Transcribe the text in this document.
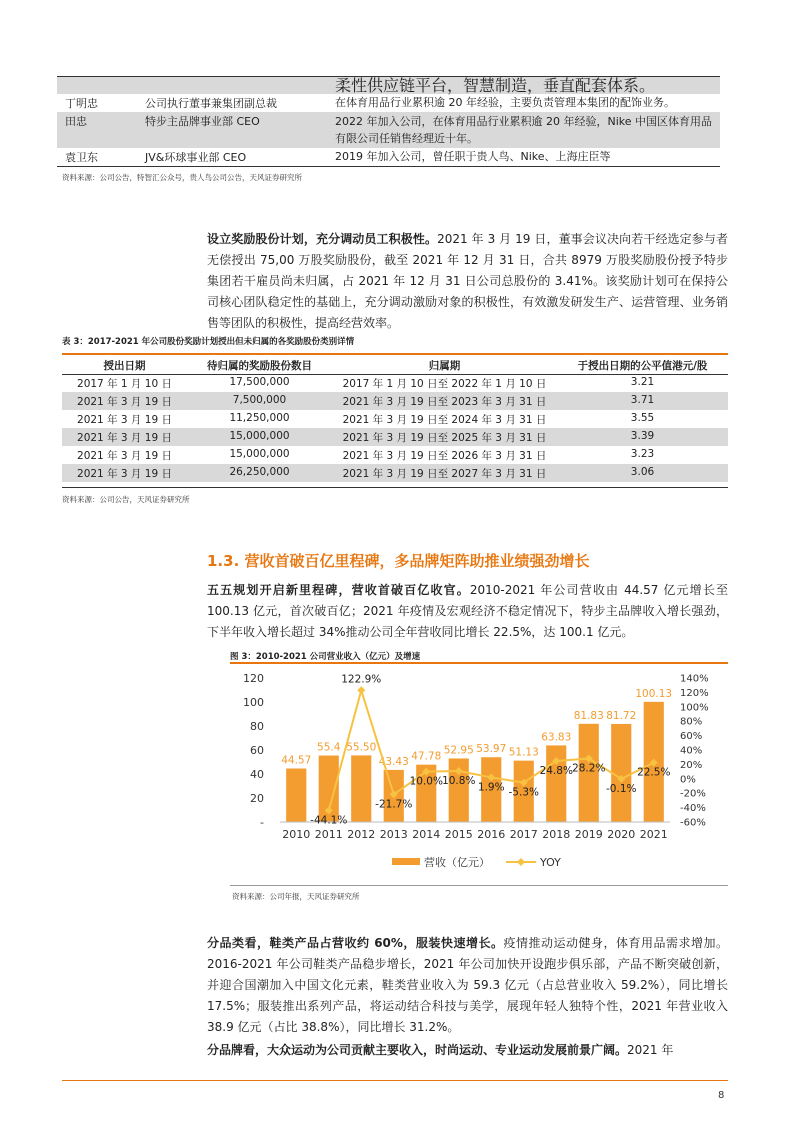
柔性供应链平台，智慧制造，垂直配套体系。
丁明忠	公司执行董事兼集团副总裁	在体育用品行业累积逾 20 年经验，主要负责管理本集团的配饰业务。
田忠	特步主品牌事业部 CEO	2022 年加入公司，在体育用品行业累积逾 20 年经验，Nike 中国区体育用品有限公司任销售经理近十年。
袁卫东	JV&环球事业部 CEO	2019 年加入公司，曾任职于贵人鸟、Nike、上海庄臣等
资料来源：公司公告，特智汇公众号，贵人鸟公司公告，天风证券研究所
设立奖励股份计划，充分调动员工积极性。2021 年 3 月 19 日，董事会议决向若干经选定参与者无偿授出 75,00 万股奖励股份，截至 2021 年 12 月 31 日，合共 8979 万股奖励股份授予特步集团若干雇员尚未归属，占 2021 年 12 月 31 日公司总股份的 3.41%。该奖励计划可在保持公司核心团队稳定性的基础上，充分调动激励对象的积极性，有效激发研发生产、运营管理、业务销售等团队的积极性，提高经营效率。
表 3：2017-2021 年公司股份奖励计划授出但未归属的各奖励股份类别详情
授出日期	待归属的奖励股份数目	归属期	于授出日期的公平值港元/股
2017 年 1 月 10 日	17,500,000	2017 年 1 月 10 日至 2022 年 1 月 10 日	3.21
2021 年 3 月 19 日	7,500,000	2021 年 3 月 19 日至 2023 年 3 月 31 日	3.71
2021 年 3 月 19 日	11,250,000	2021 年 3 月 19 日至 2024 年 3 月 31 日	3.55
2021 年 3 月 19 日	15,000,000	2021 年 3 月 19 日至 2025 年 3 月 31 日	3.39
2021 年 3 月 19 日	15,000,000	2021 年 3 月 19 日至 2026 年 3 月 31 日	3.23
2021 年 3 月 19 日	26,250,000	2021 年 3 月 19 日至 2027 年 3 月 31 日	3.06
资料来源：公司公告，天风证券研究所
1.3. 营收首破百亿里程碑，多品牌矩阵助推业绩强劲增长
五五规划开启新里程碑，营收首破百亿收官。2010-2021 年公司营收由 44.57 亿元增长至 100.13 亿元，首次破百亿；2021 年疫情及宏观经济不稳定情况下，特步主品牌收入增长强劲，下半年收入增长超过 34%推动公司全年营收同比增长 22.5%，达 100.1 亿元。
图 3：2010-2021 公司营业收入（亿元）及增速
-
20
40
60
80
100
120
-60%
-40%
-20%
0%
20%
40%
60%
80%
100%
120%
140%
44.57
2010
55.4
2011
55.50
2012
43.43
2013
47.78
2014
52.95
2015
53.97
2016
51.13
2017
63.83
2018
81.83
2019
81.72
2020
100.13
2021
-44.1%
122.9%
-21.7%
10.0% 10.8%
1.9% -5.3%
24.8% 28.2%
-0.1%
22.5%
营收（亿元）	YOY
资料来源：公司年报，天风证券研究所
分品类看，鞋类产品占营收约 60%，服装快速增长。疫情推动运动健身，体育用品需求增加。2016-2021 年公司鞋类产品稳步增长，2021 年公司加快开设跑步俱乐部，产品不断突破创新，并迎合国潮加入中国文化元素，鞋类营业收入为 59.3 亿元（占总营业收入 59.2%），同比增长 17.5%；服装推出系列产品，将运动结合科技与美学，展现年轻人独特个性，2021 年营业收入 38.9 亿元（占比 38.8%），同比增长 31.2%。
分品牌看，大众运动为公司贡献主要收入，时尚运动、专业运动发展前景广阔。2021 年
8
